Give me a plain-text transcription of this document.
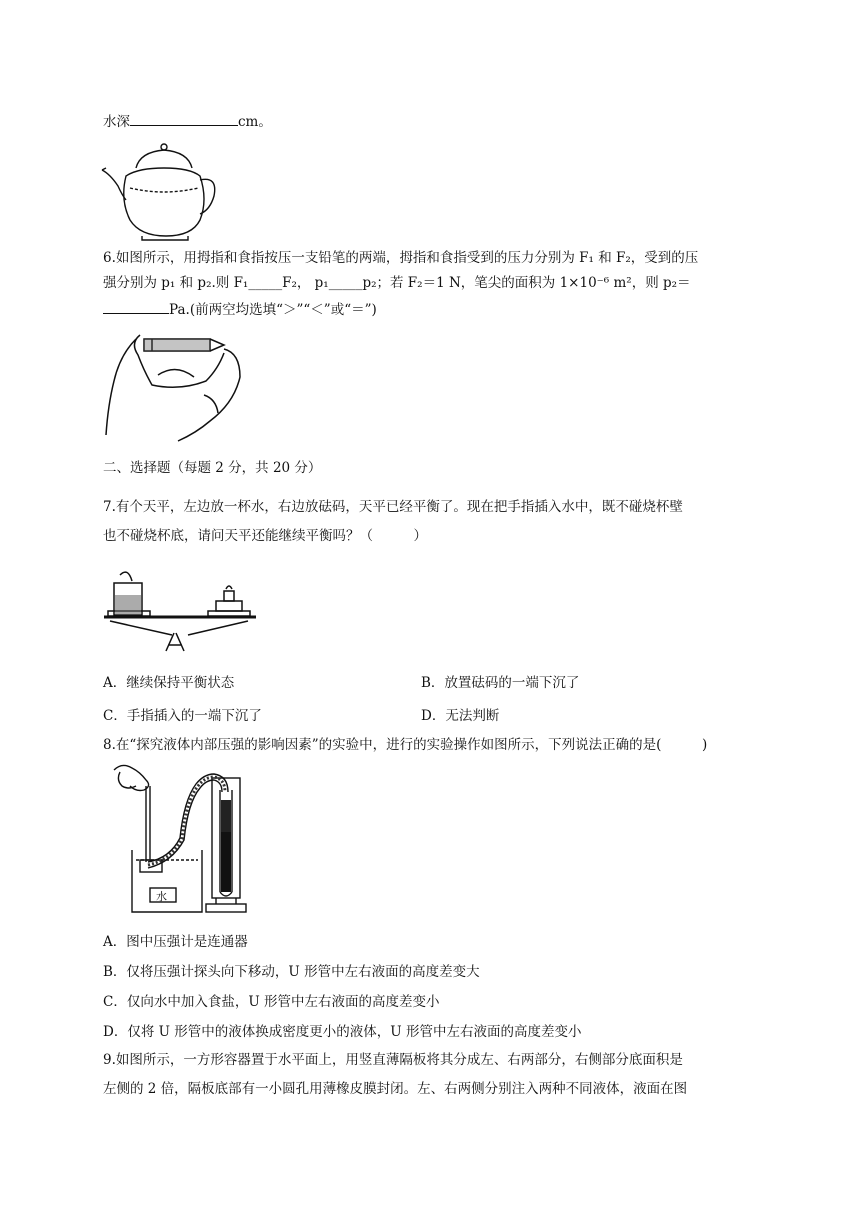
水深	cm。
6.如图所示，用拇指和食指按压一支铅笔的两端，拇指和食指受到的压力分别为 F₁ 和 F₂，受到的压
强分别为 p₁ 和 p₂.则 F₁_____F₂， p₁_____p₂；若 F₂＝1 N，笔尖的面积为 1×10⁻⁶ m²，则 p₂＝
Pa.(前两空均选填“＞”“＜”或“＝”)
二、选择题（每题 2 分，共 20 分）
7.有个天平，左边放一杯水，右边放砝码，天平已经平衡了。现在把手指插入水中，既不碰烧杯壁
也不碰烧杯底，请问天平还能继续平衡吗？（　　　）
A．继续保持平衡状态	B．放置砝码的一端下沉了
C．手指插入的一端下沉了	D．无法判断
8.在“探究液体内部压强的影响因素”的实验中，进行的实验操作如图所示，下列说法正确的是(　　　)
水
A．图中压强计是连通器
B．仅将压强计探头向下移动，U 形管中左右液面的高度差变大
C．仅向水中加入食盐，U 形管中左右液面的高度差变小
D．仅将 U 形管中的液体换成密度更小的液体，U 形管中左右液面的高度差变小
9.如图所示，一方形容器置于水平面上，用竖直薄隔板将其分成左、右两部分，右侧部分底面积是
左侧的 2 倍，隔板底部有一小圆孔用薄橡皮膜封闭。左、右两侧分别注入两种不同液体，液面在图
